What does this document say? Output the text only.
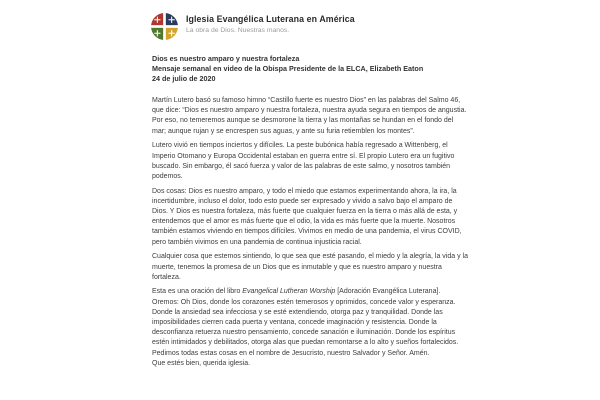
Iglesia Evangélica Luterana en América
La obra de Dios. Nuestras manos.
Dios es nuestro amparo y nuestra fortaleza
Mensaje semanal en video de la Obispa Presidente de la ELCA, Elizabeth Eaton
24 de julio de 2020

Martín Lutero basó su famoso himno “Castillo fuerte es nuestro Dios” en las palabras del Salmo 46, que dice: “Dios es nuestro amparo y nuestra fortaleza, nuestra ayuda segura en tiempos de angustia. Por eso, no temeremos aunque se desmorone la tierra y las montañas se hundan en el fondo del mar; aunque rujan y se encrespen sus aguas, y ante su furia retiemblen los montes”.

Lutero vivió en tiempos inciertos y difíciles. La peste bubónica había regresado a Wittenberg, el Imperio Otomano y Europa Occidental estaban en guerra entre sí. El propio Lutero era un fugitivo buscado. Sin embargo, él sacó fuerza y valor de las palabras de este salmo, y nosotros también podemos.

Dos cosas: Dios es nuestro amparo, y todo el miedo que estamos experimentando ahora, la ira, la incertidumbre, incluso el dolor, todo esto puede ser expresado y vivido a salvo bajo el amparo de Dios. Y Dios es nuestra fortaleza, más fuerte que cualquier fuerza en la tierra o más allá de esta, y entendemos que el amor es más fuerte que el odio, la vida es más fuerte que la muerte. Nosotros también estamos viviendo en tiempos difíciles. Vivimos en medio de una pandemia, el virus COVID, pero también vivimos en una pandemia de continua injusticia racial.

Cualquier cosa que estemos sintiendo, lo que sea que esté pasando, el miedo y la alegría, la vida y la muerte, tenemos la promesa de un Dios que es inmutable y que es nuestro amparo y nuestra fortaleza.

Esta es una oración del libro Evangelical Lutheran Worship [Adoración Evangélica Luterana]. Oremos: Oh Dios, donde los corazones estén temerosos y oprimidos, concede valor y esperanza. Donde la ansiedad sea infecciosa y se esté extendiendo, otorga paz y tranquilidad. Donde las imposibilidades cierren cada puerta y ventana, concede imaginación y resistencia. Donde la desconfianza retuerza nuestro pensamiento, concede sanación e iluminación. Donde los espíritus estén intimidados y debilitados, otorga alas que puedan remontarse a lo alto y sueños fortalecidos. Pedimos todas estas cosas en el nombre de Jesucristo, nuestro Salvador y Señor. Amén.
Que estés bien, querida iglesia.
